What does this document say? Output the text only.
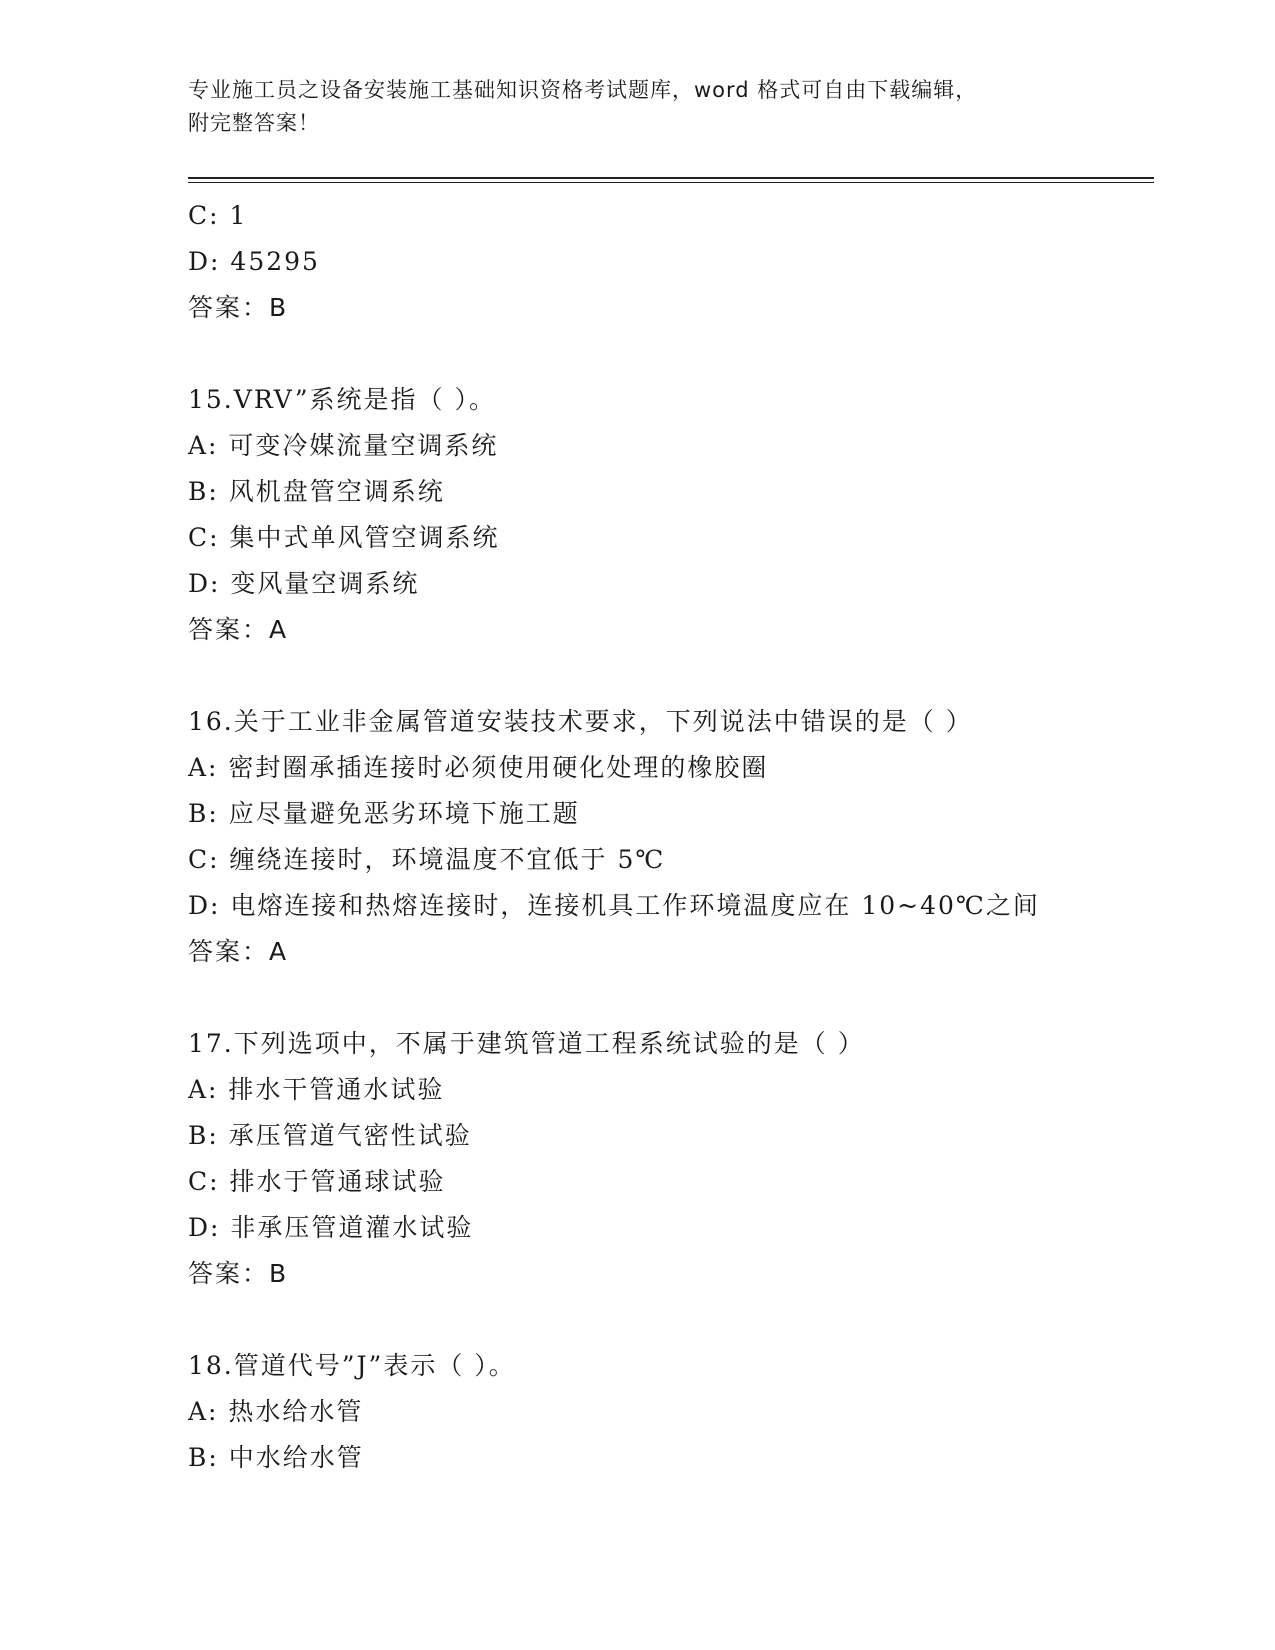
专业施工员之设备安装施工基础知识资格考试题库，word 格式可自由下载编辑，
附完整答案！
C: 1
D: 45295
答案：B
15.VRV”系统是指（ ）。
A: 可变冷媒流量空调系统
B: 风机盘管空调系统
C: 集中式单风管空调系统
D: 变风量空调系统
答案：A
16.关于工业非金属管道安装技术要求，下列说法中错误的是（ ）
A: 密封圈承插连接时必须使用硬化处理的橡胶圈
B: 应尽量避免恶劣环境下施工题
C: 缠绕连接时，环境温度不宜低于 5℃
D: 电熔连接和热熔连接时，连接机具工作环境温度应在 10~40℃之间
答案：A
17.下列选项中，不属于建筑管道工程系统试验的是（ ）
A: 排水干管通水试验
B: 承压管道气密性试验
C: 排水于管通球试验
D: 非承压管道灌水试验
答案：B
18.管道代号”J”表示（ ）。
A: 热水给水管
B: 中水给水管
